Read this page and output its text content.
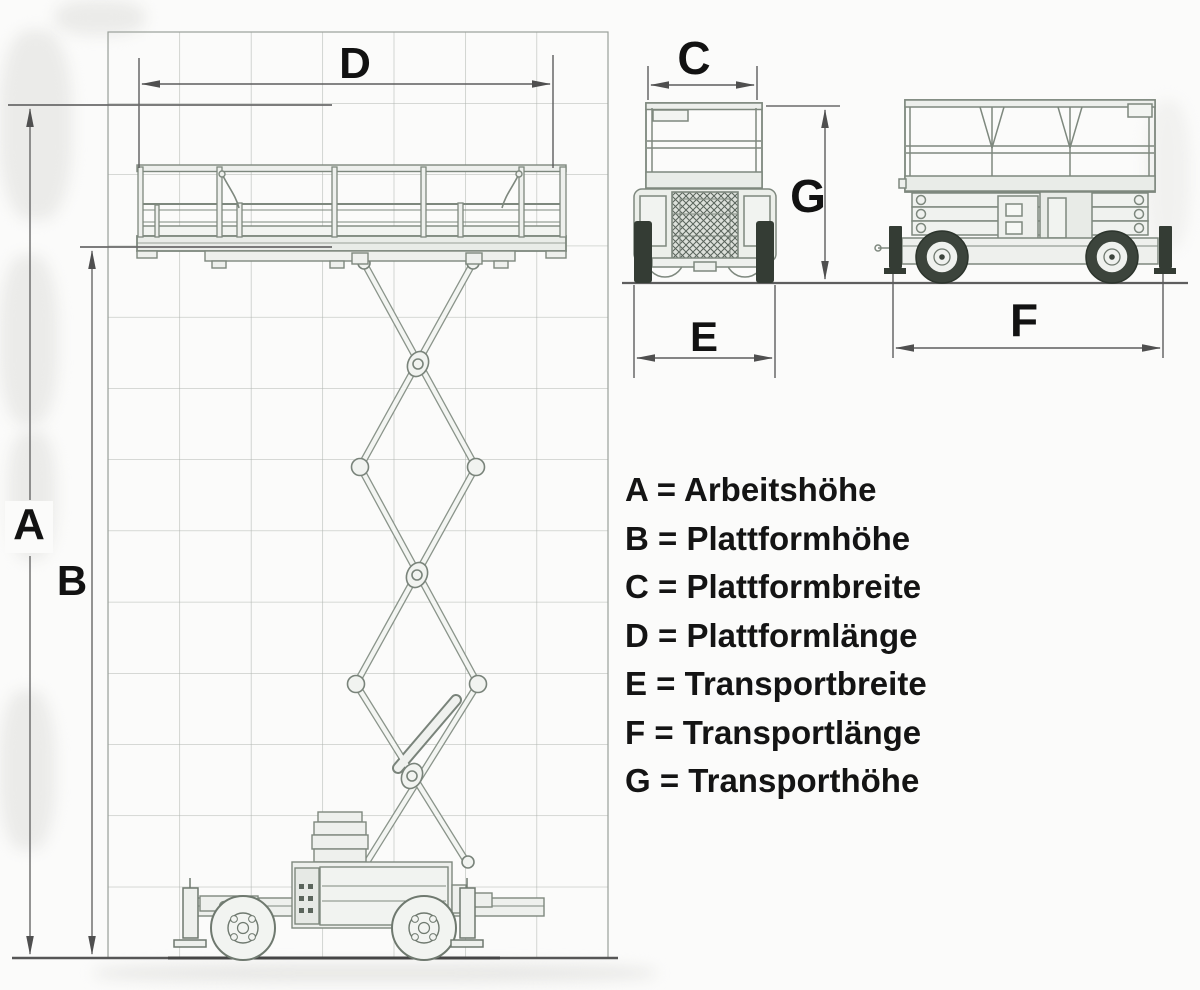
D
A
B
C
G
E	F
A = Arbeitshöhe
B = Plattformhöhe
C = Plattformbreite
D = Plattformlänge
E = Transportbreite
F = Transportlänge
G = Transporthöhe
